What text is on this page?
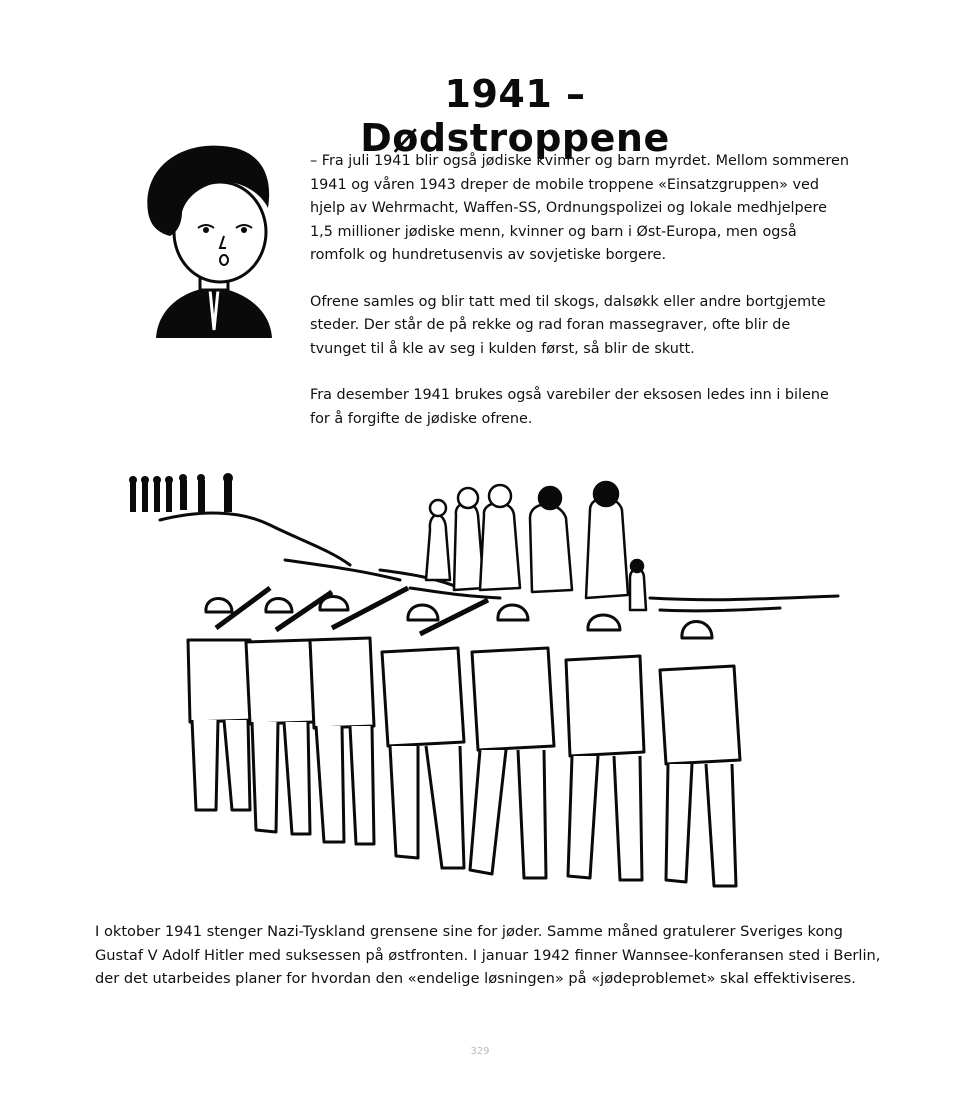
1941 – Dødstroppene

– Fra juli 1941 blir også jødiske kvinner og barn myrdet. Mellom sommeren 1941 og våren 1943 dreper de mobile troppene «Einsatzgruppen» ved hjelp av Wehrmacht, Waffen-SS, Ordnungspolizei og lokale medhjelpere 1,5 millioner jødiske menn, kvinner og barn i Øst-Europa, men også romfolk og hundretusenvis av sovjetiske borgere.

Ofrene samles og blir tatt med til skogs, dalsøkk eller andre bortgjemte steder. Der står de på rekke og rad foran massegraver, ofte blir de tvunget til å kle av seg i kulden først, så blir de skutt.

Fra desember 1941 brukes også varebiler der eksosen ledes inn i bilene for å forgifte de jødiske ofrene.

I oktober 1941 stenger Nazi-Tyskland grensene sine for jøder. Samme måned gratulerer Sveriges kong Gustaf V Adolf Hitler med suksessen på østfronten. I januar 1942 finner Wannsee-konferansen sted i Berlin, der det utarbeides planer for hvordan den «endelige løsningen» på «jødeproblemet» skal effektiviseres.
329
